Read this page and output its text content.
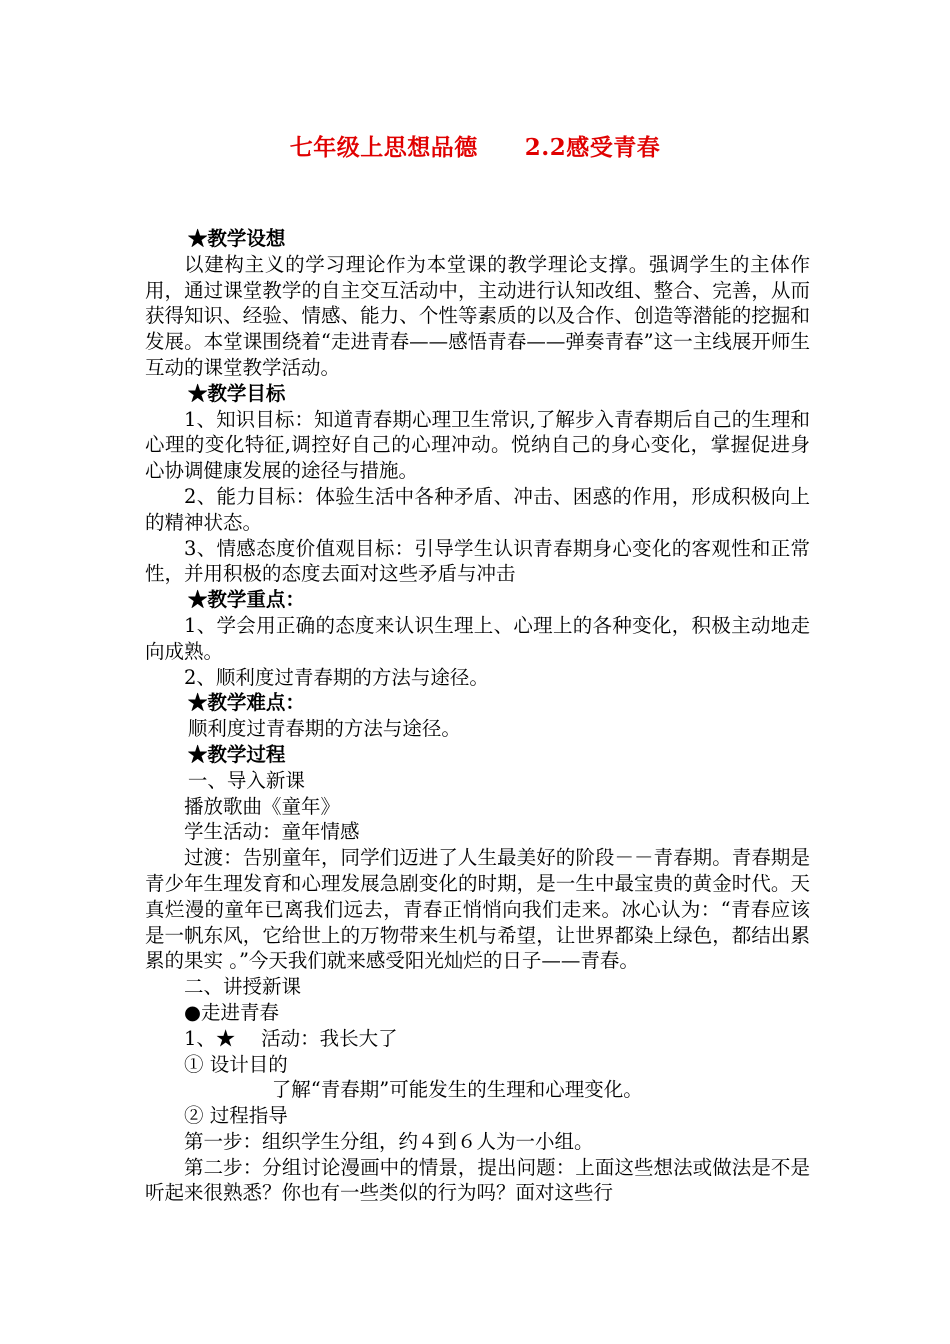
七年级上思想品德　　2.2感受青春

★教学设想

以建构主义的学习理论作为本堂课的教学理论支撑。强调学生的主体作用，通过课堂教学的自主交互活动中，主动进行认知改组、整合、完善，从而获得知识、经验、情感、能力、个性等素质的以及合作、创造等潜能的挖掘和发展。本堂课围绕着“走进青春——感悟青春——弹奏青春”这一主线展开师生互动的课堂教学活动。

★教学目标

1、知识目标：知道青春期心理卫生常识,了解步入青春期后自己的生理和心理的变化特征,调控好自己的心理冲动。悦纳自己的身心变化，掌握促进身心协调健康发展的途径与措施。

2、能力目标：体验生活中各种矛盾、冲击、困惑的作用，形成积极向上的精神状态。

3、情感态度价值观目标：引导学生认识青春期身心变化的客观性和正常性，并用积极的态度去面对这些矛盾与冲击

★教学重点：

1、学会用正确的态度来认识生理上、心理上的各种变化，积极主动地走向成熟。

2、顺利度过青春期的方法与途径。

★教学难点：

顺利度过青春期的方法与途径。

★教学过程

一、导入新课

播放歌曲《童年》

学生活动：童年情感

过渡：告别童年，同学们迈进了人生最美好的阶段－－青春期。青春期是青少年生理发育和心理发展急剧变化的时期，是一生中最宝贵的黄金时代。天真烂漫的童年已离我们远去，青春正悄悄向我们走来。冰心认为：“青春应该是一帆东风，它给世上的万物带来生机与希望，让世界都染上绿色，都结出累累的果实 。”今天我们就来感受阳光灿烂的日子——青春。

二、讲授新课

●走进青春

1、★　 活动：我长大了

① 设计目的

了解“青春期”可能发生的生理和心理变化。

② 过程指导

第一步：组织学生分组，约４到６人为一小组。

第二步：分组讨论漫画中的情景，提出问题：上面这些想法或做法是不是听起来很熟悉？你也有一些类似的行为吗？面对这些行
